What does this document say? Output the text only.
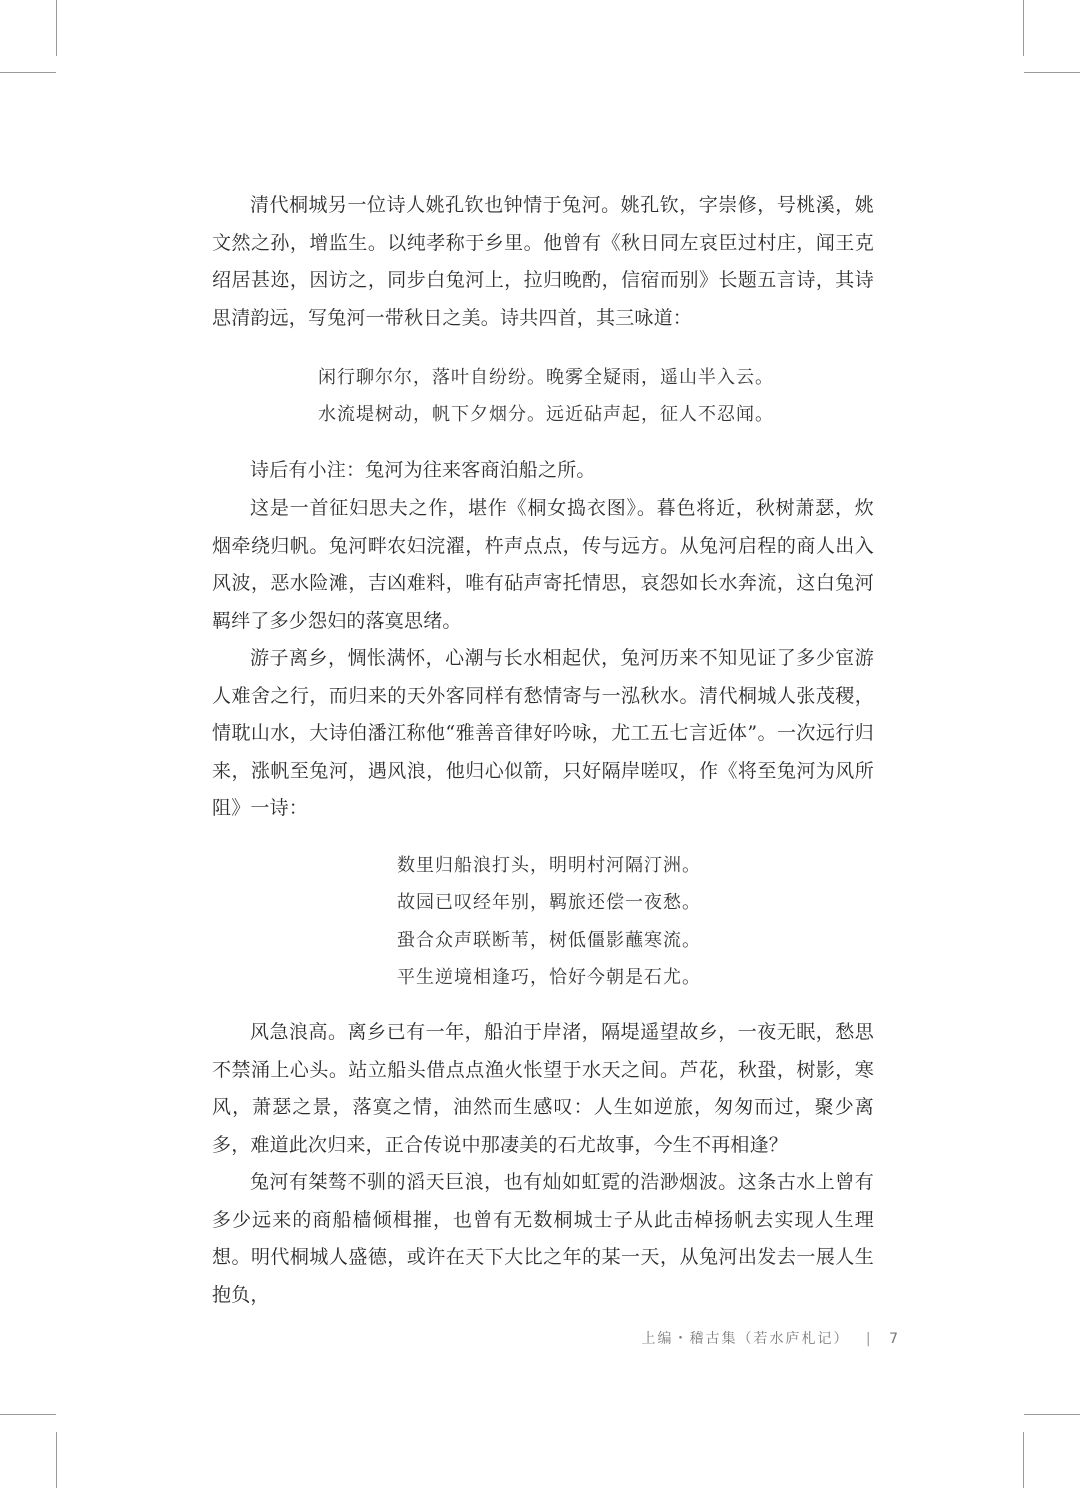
清代桐城另一位诗人姚孔钦也钟情于兔河。姚孔钦，字崇修，号桃溪，姚文然之孙，增监生。以纯孝称于乡里。他曾有《秋日同左哀臣过村庄，闻王克绍居甚迩，因访之，同步白兔河上，拉归晚酌，信宿而别》长题五言诗，其诗思清韵远，写兔河一带秋日之美。诗共四首，其三咏道：

闲行聊尔尔，落叶自纷纷。晚雾全疑雨，遥山半入云。
水流堤树动，帆下夕烟分。远近砧声起，征人不忍闻。

诗后有小注：兔河为往来客商泊船之所。

这是一首征妇思夫之作，堪作《桐女捣衣图》。暮色将近，秋树萧瑟，炊烟牵绕归帆。兔河畔农妇浣濯，杵声点点，传与远方。从兔河启程的商人出入风波，恶水险滩，吉凶难料，唯有砧声寄托情思，哀怨如长水奔流，这白兔河羁绊了多少怨妇的落寞思绪。

游子离乡，惆怅满怀，心潮与长水相起伏，兔河历来不知见证了多少宦游人难舍之行，而归来的天外客同样有愁情寄与一泓秋水。清代桐城人张茂稷，情耽山水，大诗伯潘江称他“雅善音律好吟咏，尤工五七言近体”。一次远行归来，涨帆至兔河，遇风浪，他归心似箭，只好隔岸嗟叹，作《将至兔河为风所阻》一诗：

数里归船浪打头，明明村河隔汀洲。
故园已叹经年别，羁旅还偿一夜愁。
蛩合众声联断苇，树低僵影蘸寒流。
平生逆境相逢巧，恰好今朝是石尤。

风急浪高。离乡已有一年，船泊于岸渚，隔堤遥望故乡，一夜无眠，愁思不禁涌上心头。站立船头借点点渔火怅望于水天之间。芦花，秋蛩，树影，寒风，萧瑟之景，落寞之情，油然而生感叹：人生如逆旅，匆匆而过，聚少离多，难道此次归来，正合传说中那凄美的石尤故事，今生不再相逢？

兔河有桀骜不驯的滔天巨浪，也有灿如虹霓的浩渺烟波。这条古水上曾有多少远来的商船樯倾楫摧，也曾有无数桐城士子从此击棹扬帆去实现人生理想。明代桐城人盛德，或许在天下大比之年的某一天，从兔河出发去一展人生抱负，

上编・稽古集（若水庐札记） | 7
